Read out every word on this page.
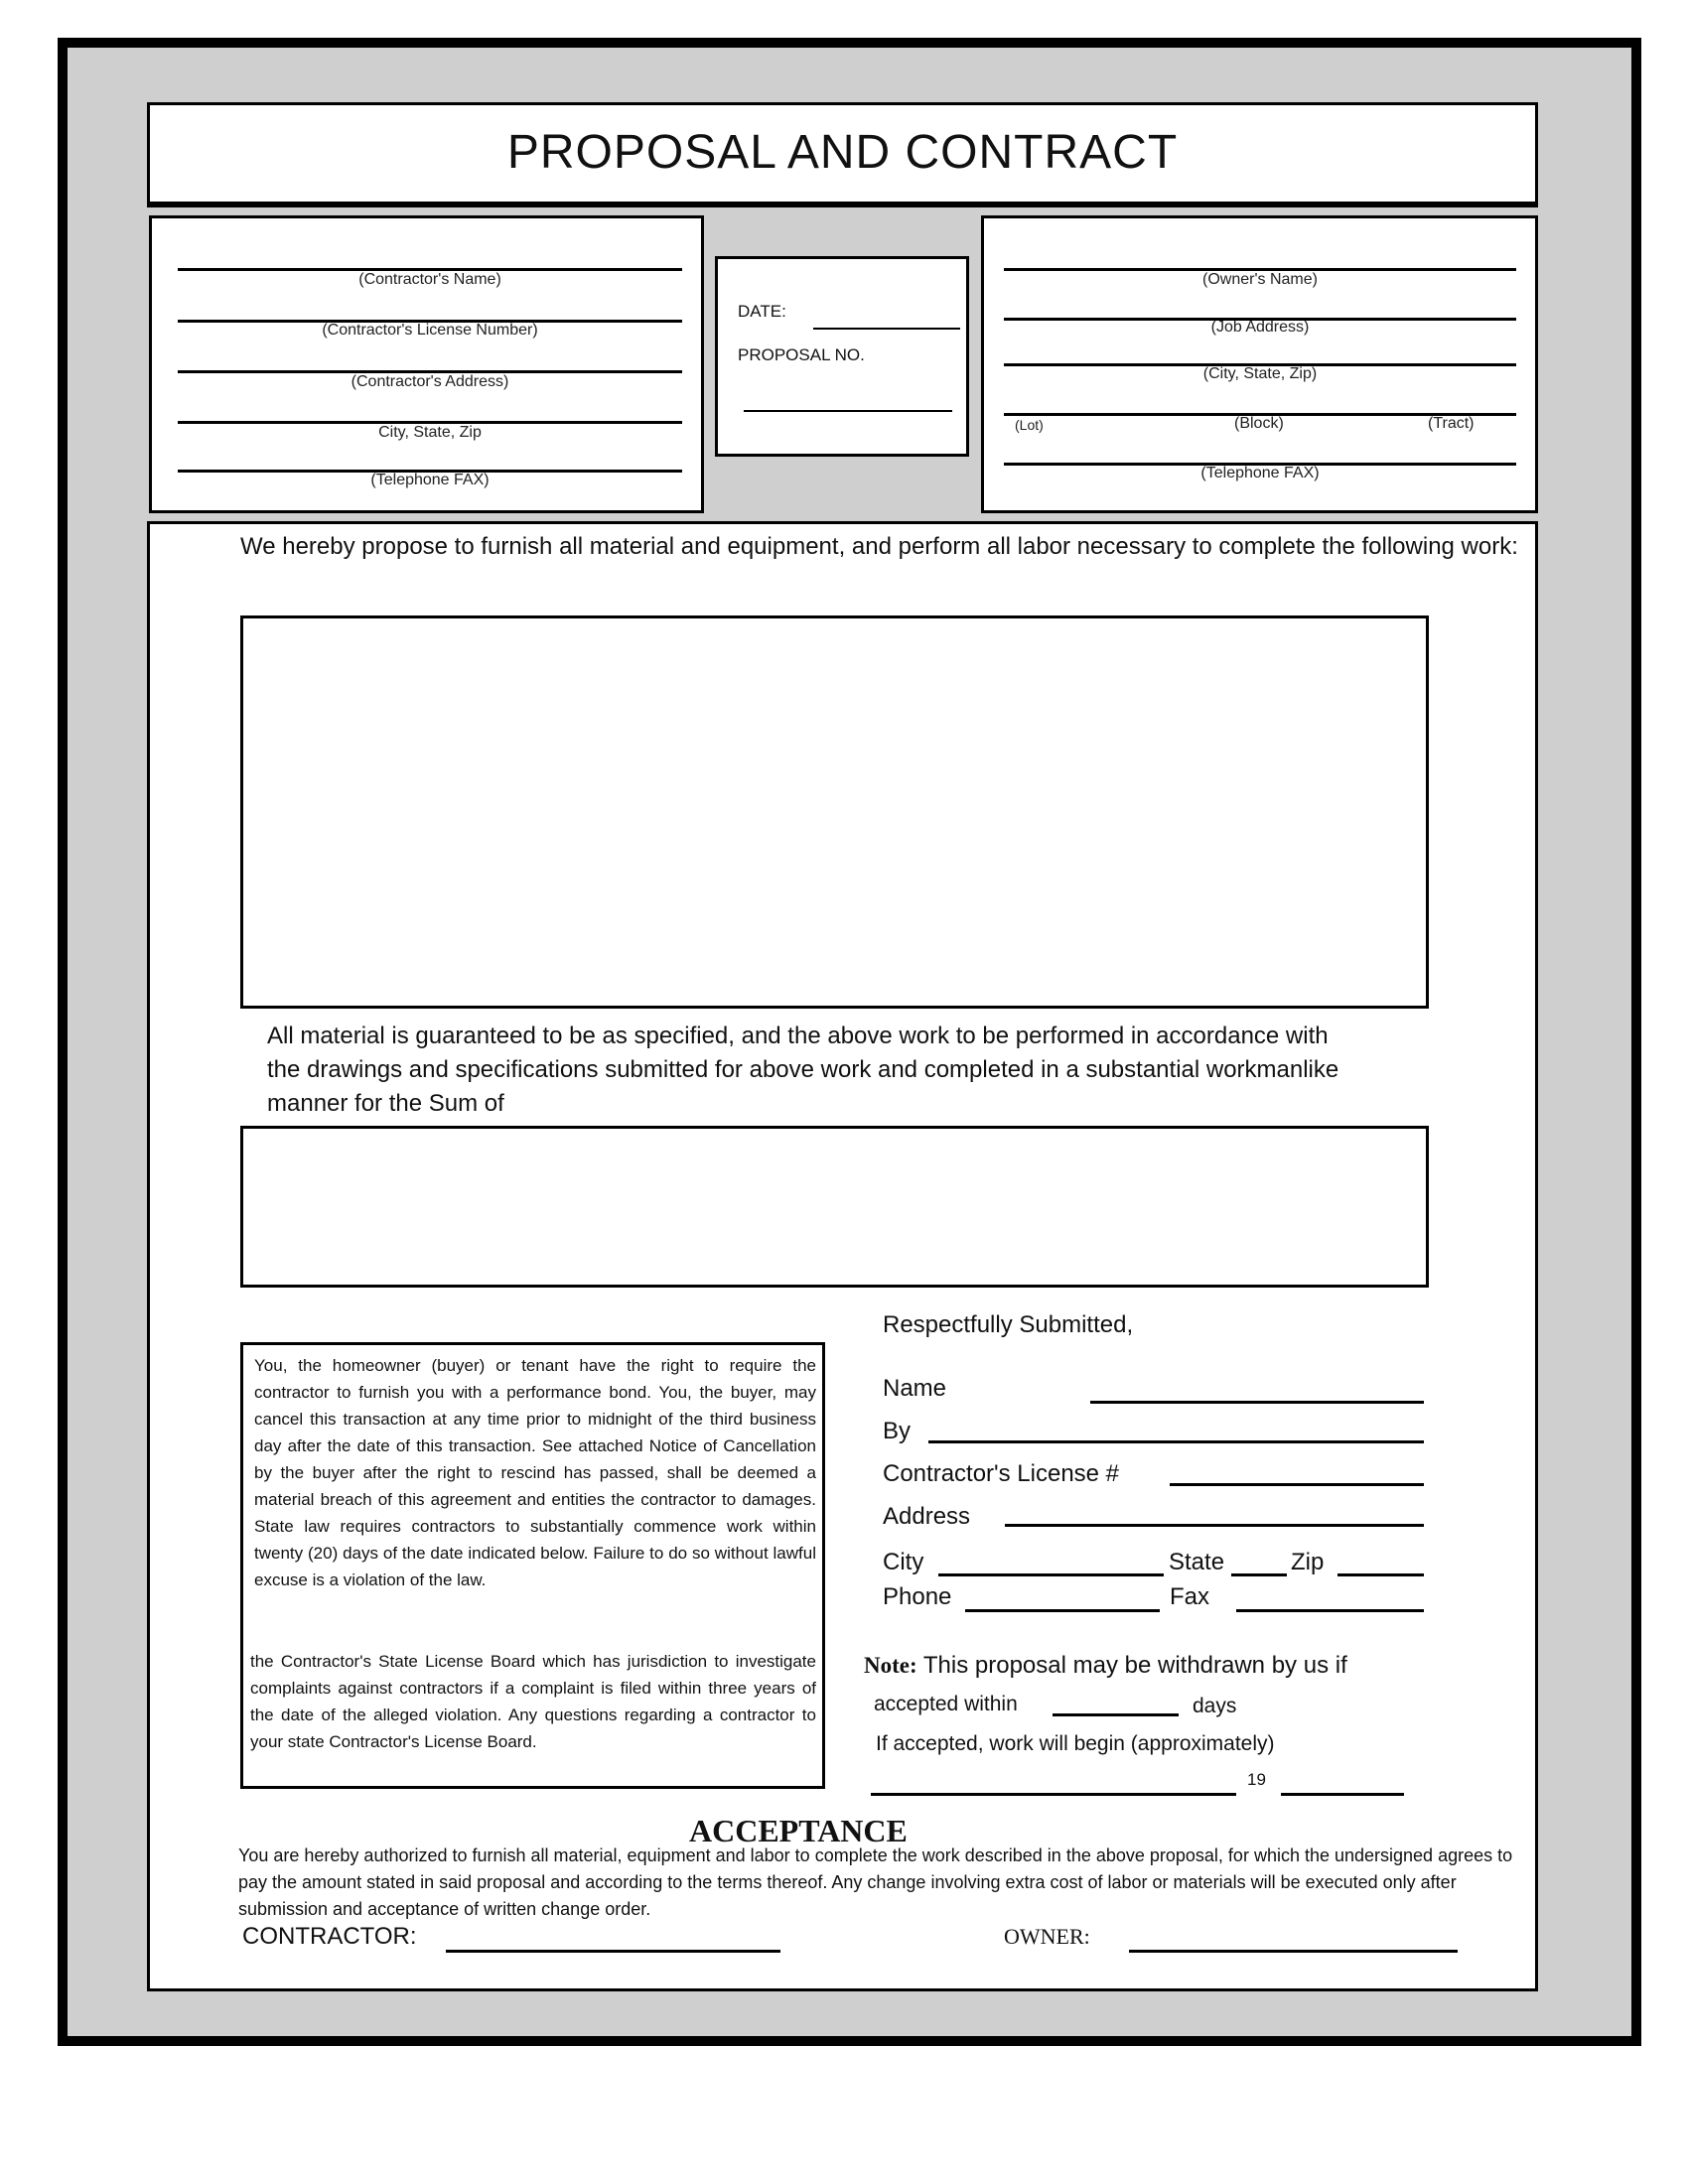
PROPOSAL AND CONTRACT
(Contractor's Name)
(Contractor's License Number)
(Contractor's Address)
City, State, Zip
(Telephone FAX)
DATE:
PROPOSAL NO.
(Owner's Name)
(Job Address)
(City, State, Zip)
(Lot)	(Block)	(Tract)
(Telephone FAX)
We hereby propose to furnish all material and equipment, and perform all labor necessary to complete the following work:
All material is guaranteed to be as specified, and the above work to be performed in accordance with the drawings and specifications submitted for above work and completed in a substantial workmanlike manner for the Sum of
You, the homeowner (buyer) or tenant have the right to require the contractor to furnish you with a performance bond. You, the buyer, may cancel this transaction at any time prior to midnight of the third business day after the date of this transaction. See attached Notice of Cancellation by the buyer after the right to rescind has passed, shall be deemed a material breach of this agreement and entities the contractor to damages. State law requires contractors to substantially commence work within twenty (20) days of the date indicated below. Failure to do so without lawful excuse is a violation of the law.
the Contractor's State License Board which has jurisdiction to investigate complaints against contractors if a complaint is filed within three years of the date of the alleged violation. Any questions regarding a contractor to your state Contractor's License Board.
Respectfully Submitted,
Name
By
Contractor's License #
Address
City	State	Zip
Phone	Fax
Note: This proposal may be withdrawn by us if
accepted within	days
If accepted, work will begin (approximately)
19
ACCEPTANCE
You are hereby authorized to furnish all material, equipment and labor to complete the work described in the above proposal, for which the undersigned agrees to pay the amount stated in said proposal and according to the terms thereof. Any change involving extra cost of labor or materials will be executed only after submission and acceptance of written change order.
CONTRACTOR:	OWNER:
